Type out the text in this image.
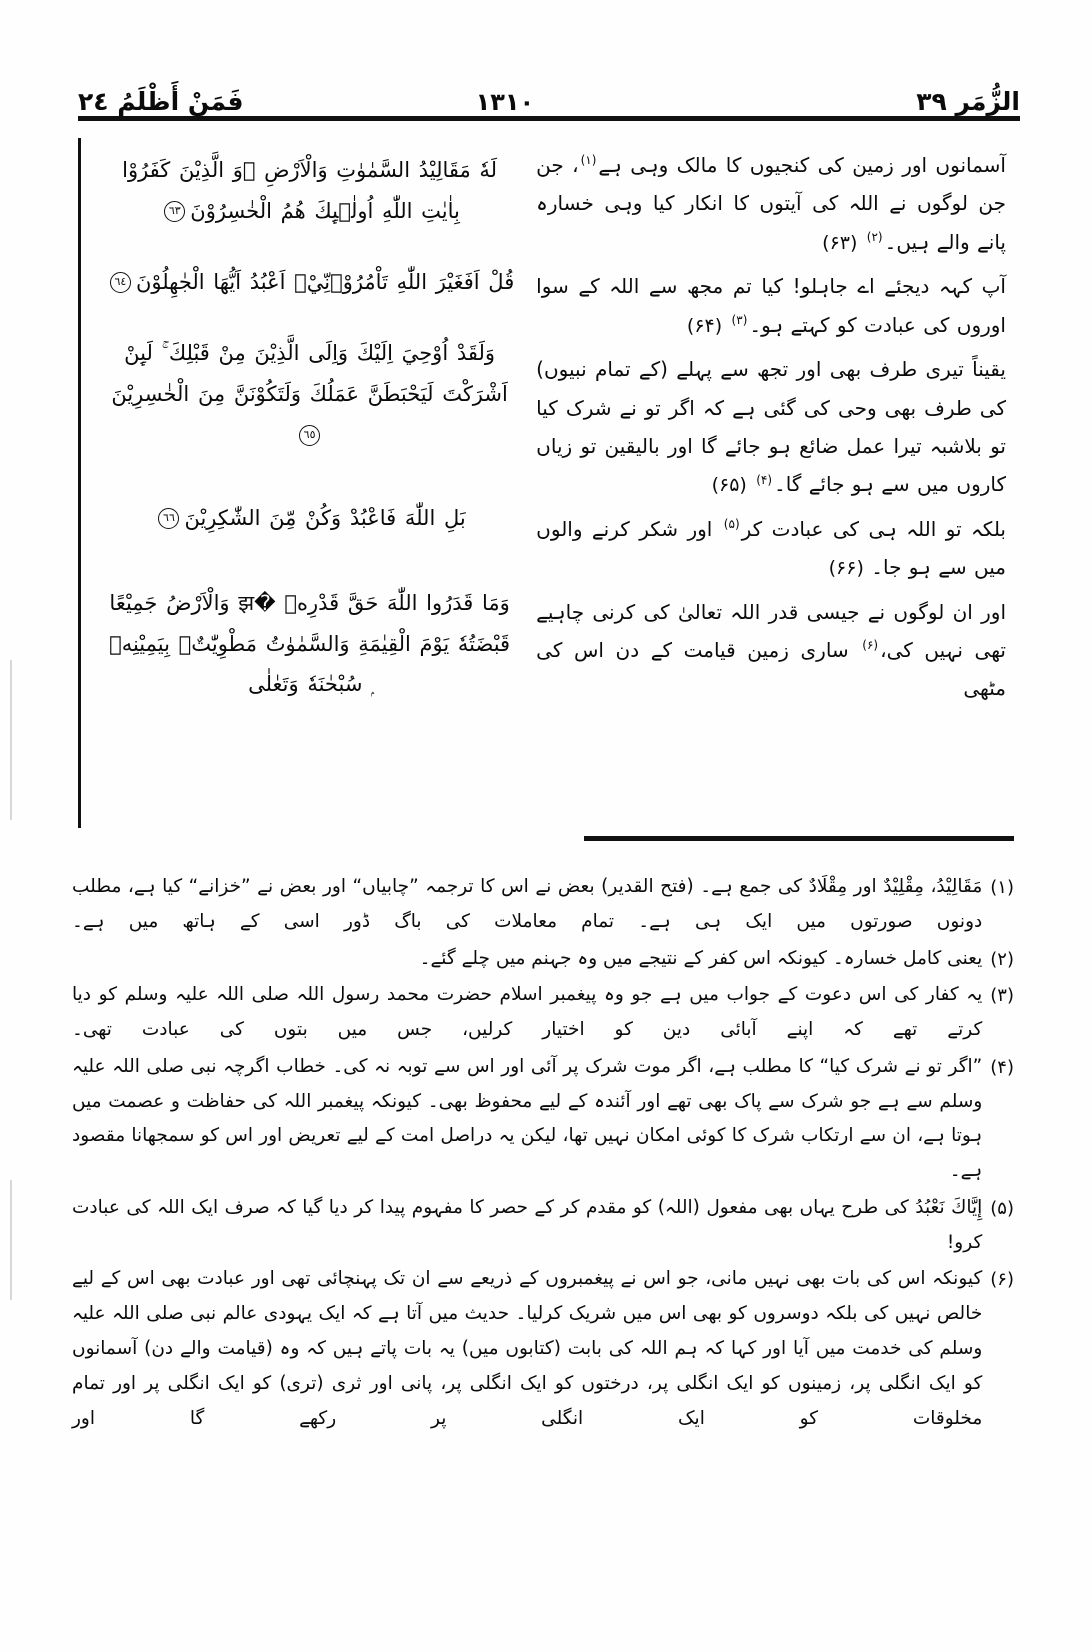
فَمَنْ أَظْلَمُ ٢٤	١٣١٠	الزُّمَر ٣٩
آسمانوں اور زمین کی کنجیوں کا مالک وہی ہے$^{(۱)}$، جن جن لوگوں نے اللہ کی آیتوں کا انکار کیا وہی خسارہ پانے والے ہیں۔$^{(۲)}$ (۶۳)
آپ کہہ دیجئے اے جاہلو! کیا تم مجھ سے اللہ کے سوا اوروں کی عبادت کو کہتے ہو۔$^{(۳)}$ (۶۴)
یقیناً تیری طرف بھی اور تجھ سے پہلے (کے تمام نبیوں) کی طرف بھی وحی کی گئی ہے کہ اگر تو نے شرک کیا تو بلاشبہ تیرا عمل ضائع ہو جائے گا اور بالیقین تو زیاں کاروں میں سے ہو جائے گا۔$^{(۴)}$ (۶۵)
بلکہ تو اللہ ہی کی عبادت کر$^{(۵)}$ اور شکر کرنے والوں میں سے ہو جا۔ (۶۶)
اور ان لوگوں نے جیسی قدر اللہ تعالیٰ کی کرنی چاہیے تھی نہیں کی،$^{(۶)}$ ساری زمین قیامت کے دن اس کی مٹھی
لَهٗ مَقَالِيْدُ السَّمٰوٰتِ وَالْاَرْضِ ۭوَ الَّذِيْنَ كَفَرُوْا بِاٰيٰتِ اللّٰهِ اُولٰۗىِٕكَ هُمُ الْخٰسِرُوْنَ٦٣
قُلْ اَفَغَيْرَ اللّٰهِ تَاْمُرُوْۗنِّيْۗ اَعْبُدُ اَيُّهَا الْجٰهِلُوْنَ٦٤
وَلَقَدْ اُوْحِيَ اِلَيْكَ وَاِلَى الَّذِيْنَ مِنْ قَبْلِكَ ۚ لَىِٕنْ اَشْرَكْتَ لَيَحْبَطَنَّ عَمَلُكَ وَلَتَكُوْنَنَّ مِنَ الْخٰسِرِيْنَ٦٥
بَلِ اللّٰهَ فَاعْبُدْ وَكُنْ مِّنَ الشّٰكِرِيْنَ٦٦
وَمَا قَدَرُوا اللّٰهَ حَقَّ قَدْرِهٖ �झ وَالْاَرْضُ جَمِيْعًا قَبْضَتُهٗ يَوْمَ الْقِيٰمَةِ وَالسَّمٰوٰتُ مَطْوِيّٰتٌۢ بِيَمِيْنِهٖ ۭ سُبْحٰنَهٗ وَتَعٰلٰى
(۱)
مَقَالِيْدُ، مِقْلِيْدٌ اور مِقْلَادٌ کی جمع ہے۔ (فتح القدیر) بعض نے اس کا ترجمہ ”چابیاں“ اور بعض نے ”خزانے“ کیا ہے، مطلب دونوں صورتوں میں ایک ہی ہے۔ تمام معاملات کی باگ ڈور اسی کے ہاتھ میں ہے۔
(۲)
یعنی کامل خسارہ۔ کیونکہ اس کفر کے نتیجے میں وہ جہنم میں چلے گئے۔
(۳)
یہ کفار کی اس دعوت کے جواب میں ہے جو وہ پیغمبر اسلام حضرت محمد رسول اللہ صلی اللہ علیہ وسلم کو دیا کرتے تھے کہ اپنے آبائی دین کو اختیار کرلیں، جس میں بتوں کی عبادت تھی۔
(۴)
”اگر تو نے شرک کیا“ کا مطلب ہے، اگر موت شرک پر آئی اور اس سے توبہ نہ کی۔ خطاب اگرچہ نبی صلی اللہ علیہ وسلم سے ہے جو شرک سے پاک بھی تھے اور آئندہ کے لیے محفوظ بھی۔ کیونکہ پیغمبر اللہ کی حفاظت و عصمت میں ہوتا ہے، ان سے ارتکاب شرک کا کوئی امکان نہیں تھا، لیکن یہ دراصل امت کے لیے تعریض اور اس کو سمجھانا مقصود ہے۔
(۵)
إِيَّاكَ نَعْبُدُ کی طرح یہاں بھی مفعول (اللہ) کو مقدم کر کے حصر کا مفہوم پیدا کر دیا گیا کہ صرف ایک اللہ کی عبادت کرو!
(۶)
کیونکہ اس کی بات بھی نہیں مانی، جو اس نے پیغمبروں کے ذریعے سے ان تک پہنچائی تھی اور عبادت بھی اس کے لیے خالص نہیں کی بلکہ دوسروں کو بھی اس میں شریک کرلیا۔ حدیث میں آتا ہے کہ ایک یہودی عالم نبی صلی اللہ علیہ وسلم کی خدمت میں آیا اور کہا کہ ہم اللہ کی بابت (کتابوں میں) یہ بات پاتے ہیں کہ وہ (قیامت والے دن) آسمانوں کو ایک انگلی پر، زمینوں کو ایک انگلی پر، درختوں کو ایک انگلی پر، پانی اور ثری (تری) کو ایک انگلی پر اور تمام مخلوقات کو ایک انگلی پر رکھے گا اور
